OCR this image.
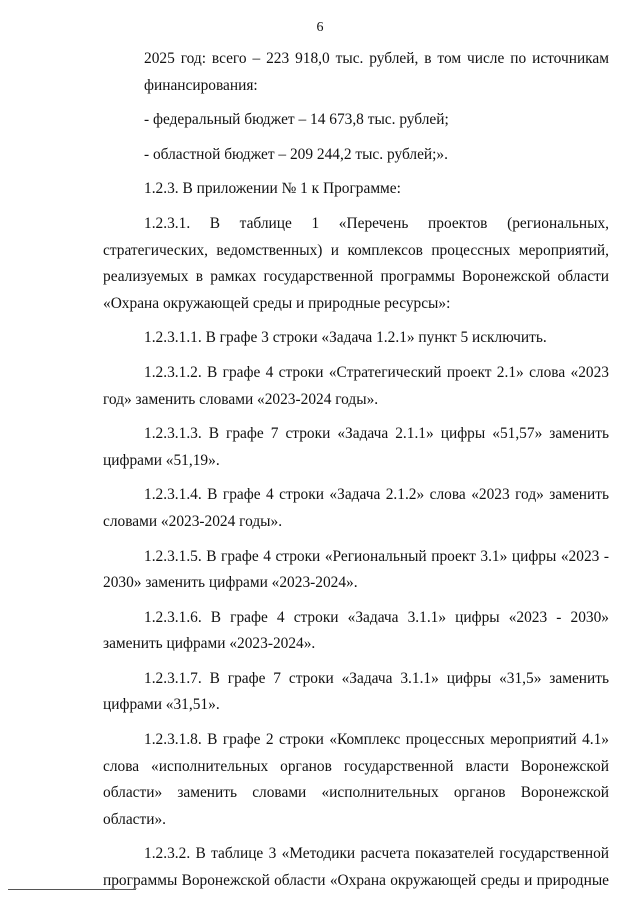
6

2025 год: всего – 223 918,0 тыс. рублей, в том числе по источникам финансирования:

- федеральный бюджет – 14 673,8 тыс. рублей;

- областной бюджет – 209 244,2 тыс. рублей;».

1.2.3. В приложении № 1 к Программе:

1.2.3.1. В таблице 1 «Перечень проектов (региональных, стратегических, ведомственных) и комплексов процессных мероприятий, реализуемых в рамках государственной программы Воронежской области «Охрана окружающей среды и природные ресурсы»:

1.2.3.1.1. В графе 3 строки «Задача 1.2.1» пункт 5 исключить.

1.2.3.1.2. В графе 4 строки «Стратегический проект 2.1» слова «2023 год» заменить словами «2023-2024 годы».

1.2.3.1.3. В графе 7 строки «Задача 2.1.1» цифры «51,57» заменить цифрами «51,19».

1.2.3.1.4. В графе 4 строки «Задача 2.1.2» слова «2023 год» заменить словами «2023-2024 годы».

1.2.3.1.5. В графе 4 строки «Региональный проект 3.1» цифры «2023 - 2030» заменить цифрами «2023-2024».

1.2.3.1.6. В графе 4 строки «Задача 3.1.1» цифры «2023 - 2030» заменить цифрами «2023-2024».

1.2.3.1.7. В графе 7 строки «Задача 3.1.1» цифры «31,5» заменить цифрами «31,51».

1.2.3.1.8. В графе 2 строки «Комплекс процессных мероприятий 4.1» слова «исполнительных органов государственной власти Воронежской области» заменить словами «исполнительных органов Воронежской области».

1.2.3.2. В таблице 3 «Методики расчета показателей государственной программы Воронежской области «Охрана окружающей среды и природные
